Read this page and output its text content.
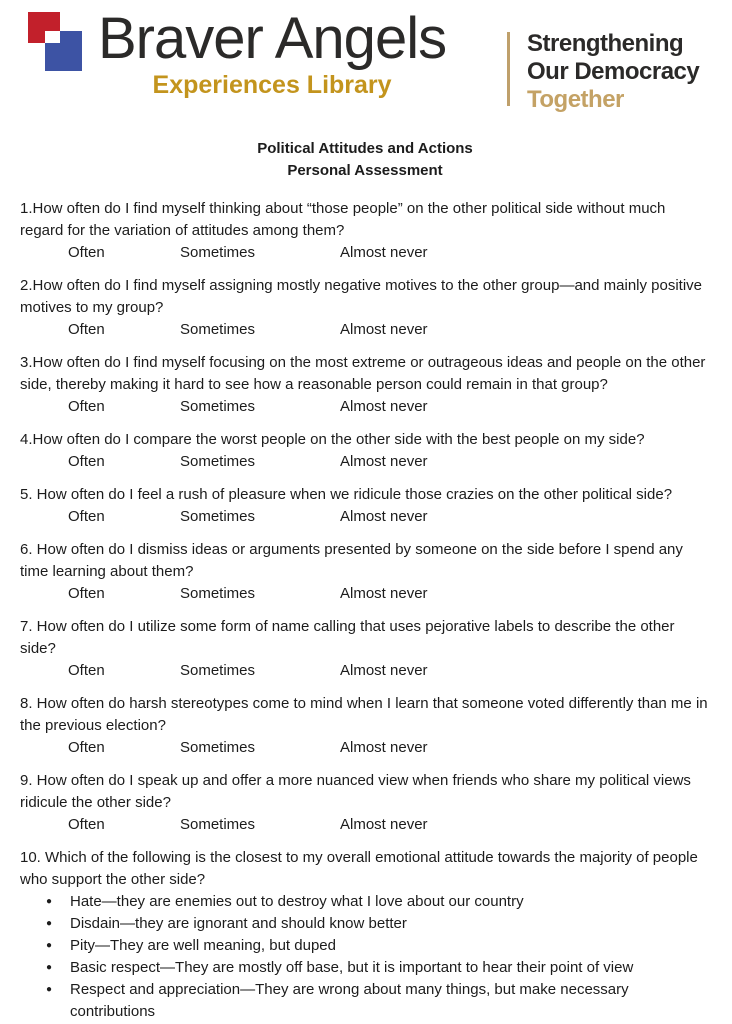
Braver Angels
Experiences Library
Strengthening
Our Democracy
Together

Political Attitudes and Actions

Personal Assessment

1.How often do I find myself thinking about “those people” on the other political side without much regard for the variation of attitudes among them?

Often	Sometimes	Almost never

2.How often do I find myself assigning mostly negative motives to the other group—and mainly positive motives to my group?

Often	Sometimes	Almost never

3.How often do I find myself focusing on the most extreme or outrageous ideas and people on the other side, thereby making it hard to see how a reasonable person could remain in that group?

Often	Sometimes	Almost never

4.How often do I compare the worst people on the other side with the best people on my side?

Often	Sometimes	Almost never

5. How often do I feel a rush of pleasure when we ridicule those crazies on the other political side?

Often	Sometimes	Almost never

6. How often do I dismiss ideas or arguments presented by someone on the side before I spend any time learning about them?

Often	Sometimes	Almost never

7. How often do I utilize some form of name calling that uses pejorative labels to describe the other side?

Often	Sometimes	Almost never

8. How often do harsh stereotypes come to mind when I learn that someone voted differently than me in the previous election?

Often	Sometimes	Almost never

9. How often do I speak up and offer a more nuanced view when friends who share my political views ridicule the other side?

Often	Sometimes	Almost never

10. Which of the following is the closest to my overall emotional attitude towards the majority of people who support the other side?

●	Hate—they are enemies out to destroy what I love about our country
●	Disdain—they are ignorant and should know better
●	Pity—They are well meaning, but duped
●	Basic respect—They are mostly off base, but it is important to hear their point of view
●	Respect and appreciation—They are wrong about many things, but make necessary contributions
